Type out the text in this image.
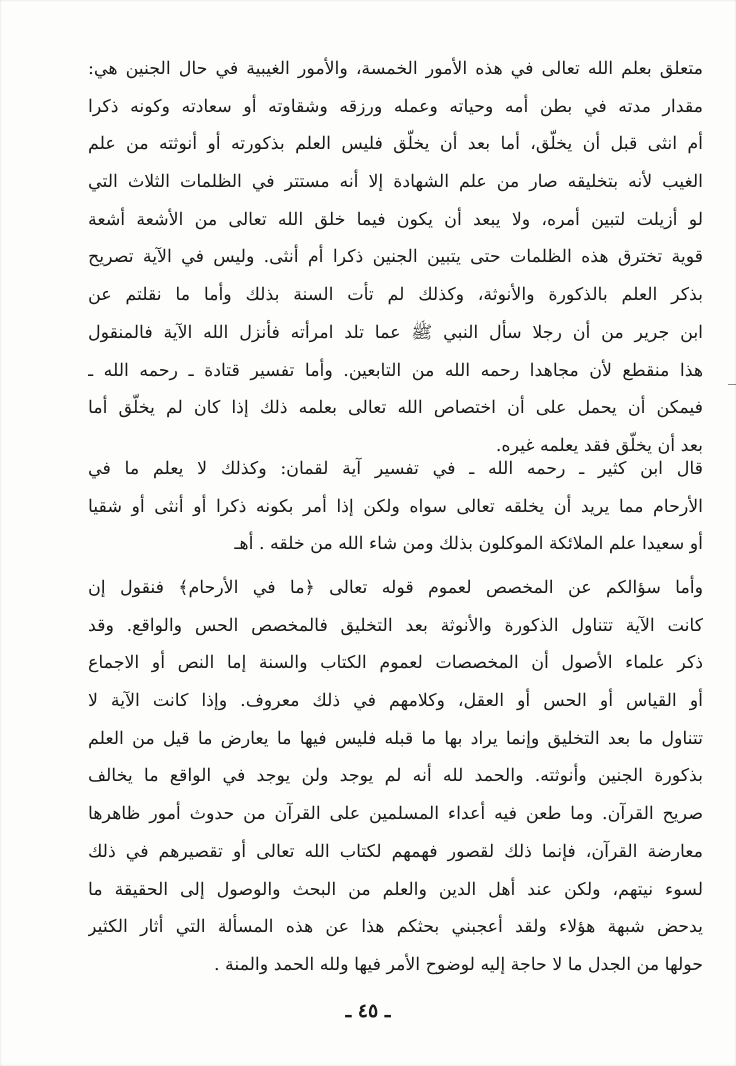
متعلق بعلم الله تعالى في هذه الأمور الخمسة، والأمور الغيبية في حال الجنين هي:
مقدار مدته في بطن أمه وحياته وعمله ورزقه وشقاوته أو سعادته وكونه ذكرا
أم انثى قبل أن يخلّق، أما بعد أن يخلّق فليس العلم بذكورته أو أنوثته من علم
الغيب لأنه بتخليقه صار من علم الشهادة إلا أنه مستتر في الظلمات الثلاث التي
لو أزيلت لتبين أمره، ولا يبعد أن يكون فيما خلق الله تعالى من الأشعة أشعة
قوية تخترق هذه الظلمات حتى يتبين الجنين ذكرا أم أنثى. وليس في الآية تصريح
بذكر العلم بالذكورة والأنوثة، وكذلك لم تأت السنة بذلك وأما ما نقلتم عن
ابن جرير من أن رجلا سأل النبي ﷺ عما تلد امرأته فأنزل الله الآية فالمنقول
هذا منقطع لأن مجاهدا رحمه الله من التابعين. وأما تفسير قتادة ـ رحمه الله ـ
فيمكن أن يحمل على أن اختصاص الله تعالى بعلمه ذلك إذا كان لم يخلّق أما
بعد أن يخلّق فقد يعلمه غيره.
قال ابن كثير ـ رحمه الله ـ في تفسير آية لقمان: وكذلك لا يعلم ما في
الأرحام مما يريد أن يخلقه تعالى سواه ولكن إذا أمر بكونه ذكرا أو أنثى أو شقيا
أو سعيدا علم الملائكة الموكلون بذلك ومن شاء الله من خلقه . أهـ
وأما سؤالكم عن المخصص لعموم قوله تعالى ﴿ما في الأرحام﴾ فنقول إن
كانت الآية تتناول الذكورة والأنوثة بعد التخليق فالمخصص الحس والواقع. وقد
ذكر علماء الأصول أن المخصصات لعموم الكتاب والسنة إما النص أو الاجماع
أو القياس أو الحس أو العقل، وكلامهم في ذلك معروف. وإذا كانت الآية لا
تتناول ما بعد التخليق وإنما يراد بها ما قبله فليس فيها ما يعارض ما قيل من العلم
بذكورة الجنين وأنوثته. والحمد لله أنه لم يوجد ولن يوجد في الواقع ما يخالف
صريح القرآن. وما طعن فيه أعداء المسلمين على القرآن من حدوث أمور ظاهرها
معارضة القرآن، فإنما ذلك لقصور فهمهم لكتاب الله تعالى أو تقصيرهم في ذلك
لسوء نيتهم، ولكن عند أهل الدين والعلم من البحث والوصول إلى الحقيقة ما
يدحض شبهة هؤلاء ولقد أعجبني بحثكم هذا عن هذه المسألة التي أثار الكثير
حولها من الجدل ما لا حاجة إليه لوضوح الأمر فيها ولله الحمد والمنة .
ـ ٤٥ ـ
